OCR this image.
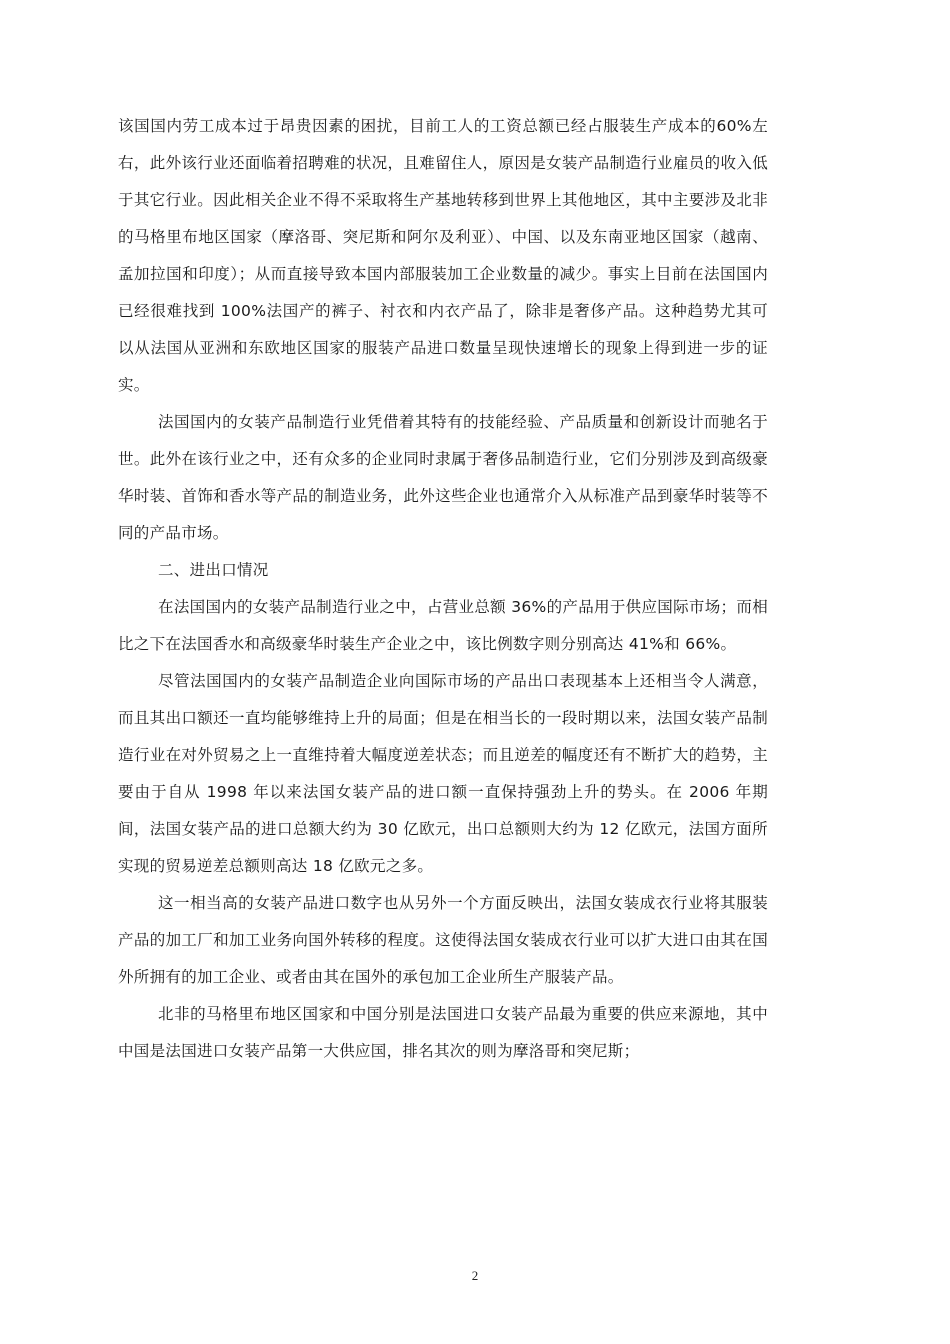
该国国内劳工成本过于昂贵因素的困扰，目前工人的工资总额已经占服装生产成本的60%左右，此外该行业还面临着招聘难的状况，且难留住人，原因是女装产品制造行业雇员的收入低于其它行业。因此相关企业不得不采取将生产基地转移到世界上其他地区，其中主要涉及北非的马格里布地区国家（摩洛哥、突尼斯和阿尔及利亚）、中国、以及东南亚地区国家（越南、孟加拉国和印度）；从而直接导致本国内部服装加工企业数量的减少。事实上目前在法国国内已经很难找到 100%法国产的裤子、衬衣和内衣产品了，除非是奢侈产品。这种趋势尤其可以从法国从亚洲和东欧地区国家的服装产品进口数量呈现快速增长的现象上得到进一步的证实。

法国国内的女装产品制造行业凭借着其特有的技能经验、产品质量和创新设计而驰名于世。此外在该行业之中，还有众多的企业同时隶属于奢侈品制造行业，它们分别涉及到高级豪华时装、首饰和香水等产品的制造业务，此外这些企业也通常介入从标准产品到豪华时装等不同的产品市场。

二、进出口情况

在法国国内的女装产品制造行业之中，占营业总额 36%的产品用于供应国际市场；而相比之下在法国香水和高级豪华时装生产企业之中，该比例数字则分别高达 41%和 66%。

尽管法国国内的女装产品制造企业向国际市场的产品出口表现基本上还相当令人满意，而且其出口额还一直均能够维持上升的局面；但是在相当长的一段时期以来，法国女装产品制造行业在对外贸易之上一直维持着大幅度逆差状态；而且逆差的幅度还有不断扩大的趋势，主要由于自从 1998 年以来法国女装产品的进口额一直保持强劲上升的势头。在 2006 年期间，法国女装产品的进口总额大约为 30 亿欧元，出口总额则大约为 12 亿欧元，法国方面所实现的贸易逆差总额则高达 18 亿欧元之多。

这一相当高的女装产品进口数字也从另外一个方面反映出，法国女装成衣行业将其服装产品的加工厂和加工业务向国外转移的程度。这使得法国女装成衣行业可以扩大进口由其在国外所拥有的加工企业、或者由其在国外的承包加工企业所生产服装产品。

北非的马格里布地区国家和中国分别是法国进口女装产品最为重要的供应来源地，其中中国是法国进口女装产品第一大供应国，排名其次的则为摩洛哥和突尼斯；

2
